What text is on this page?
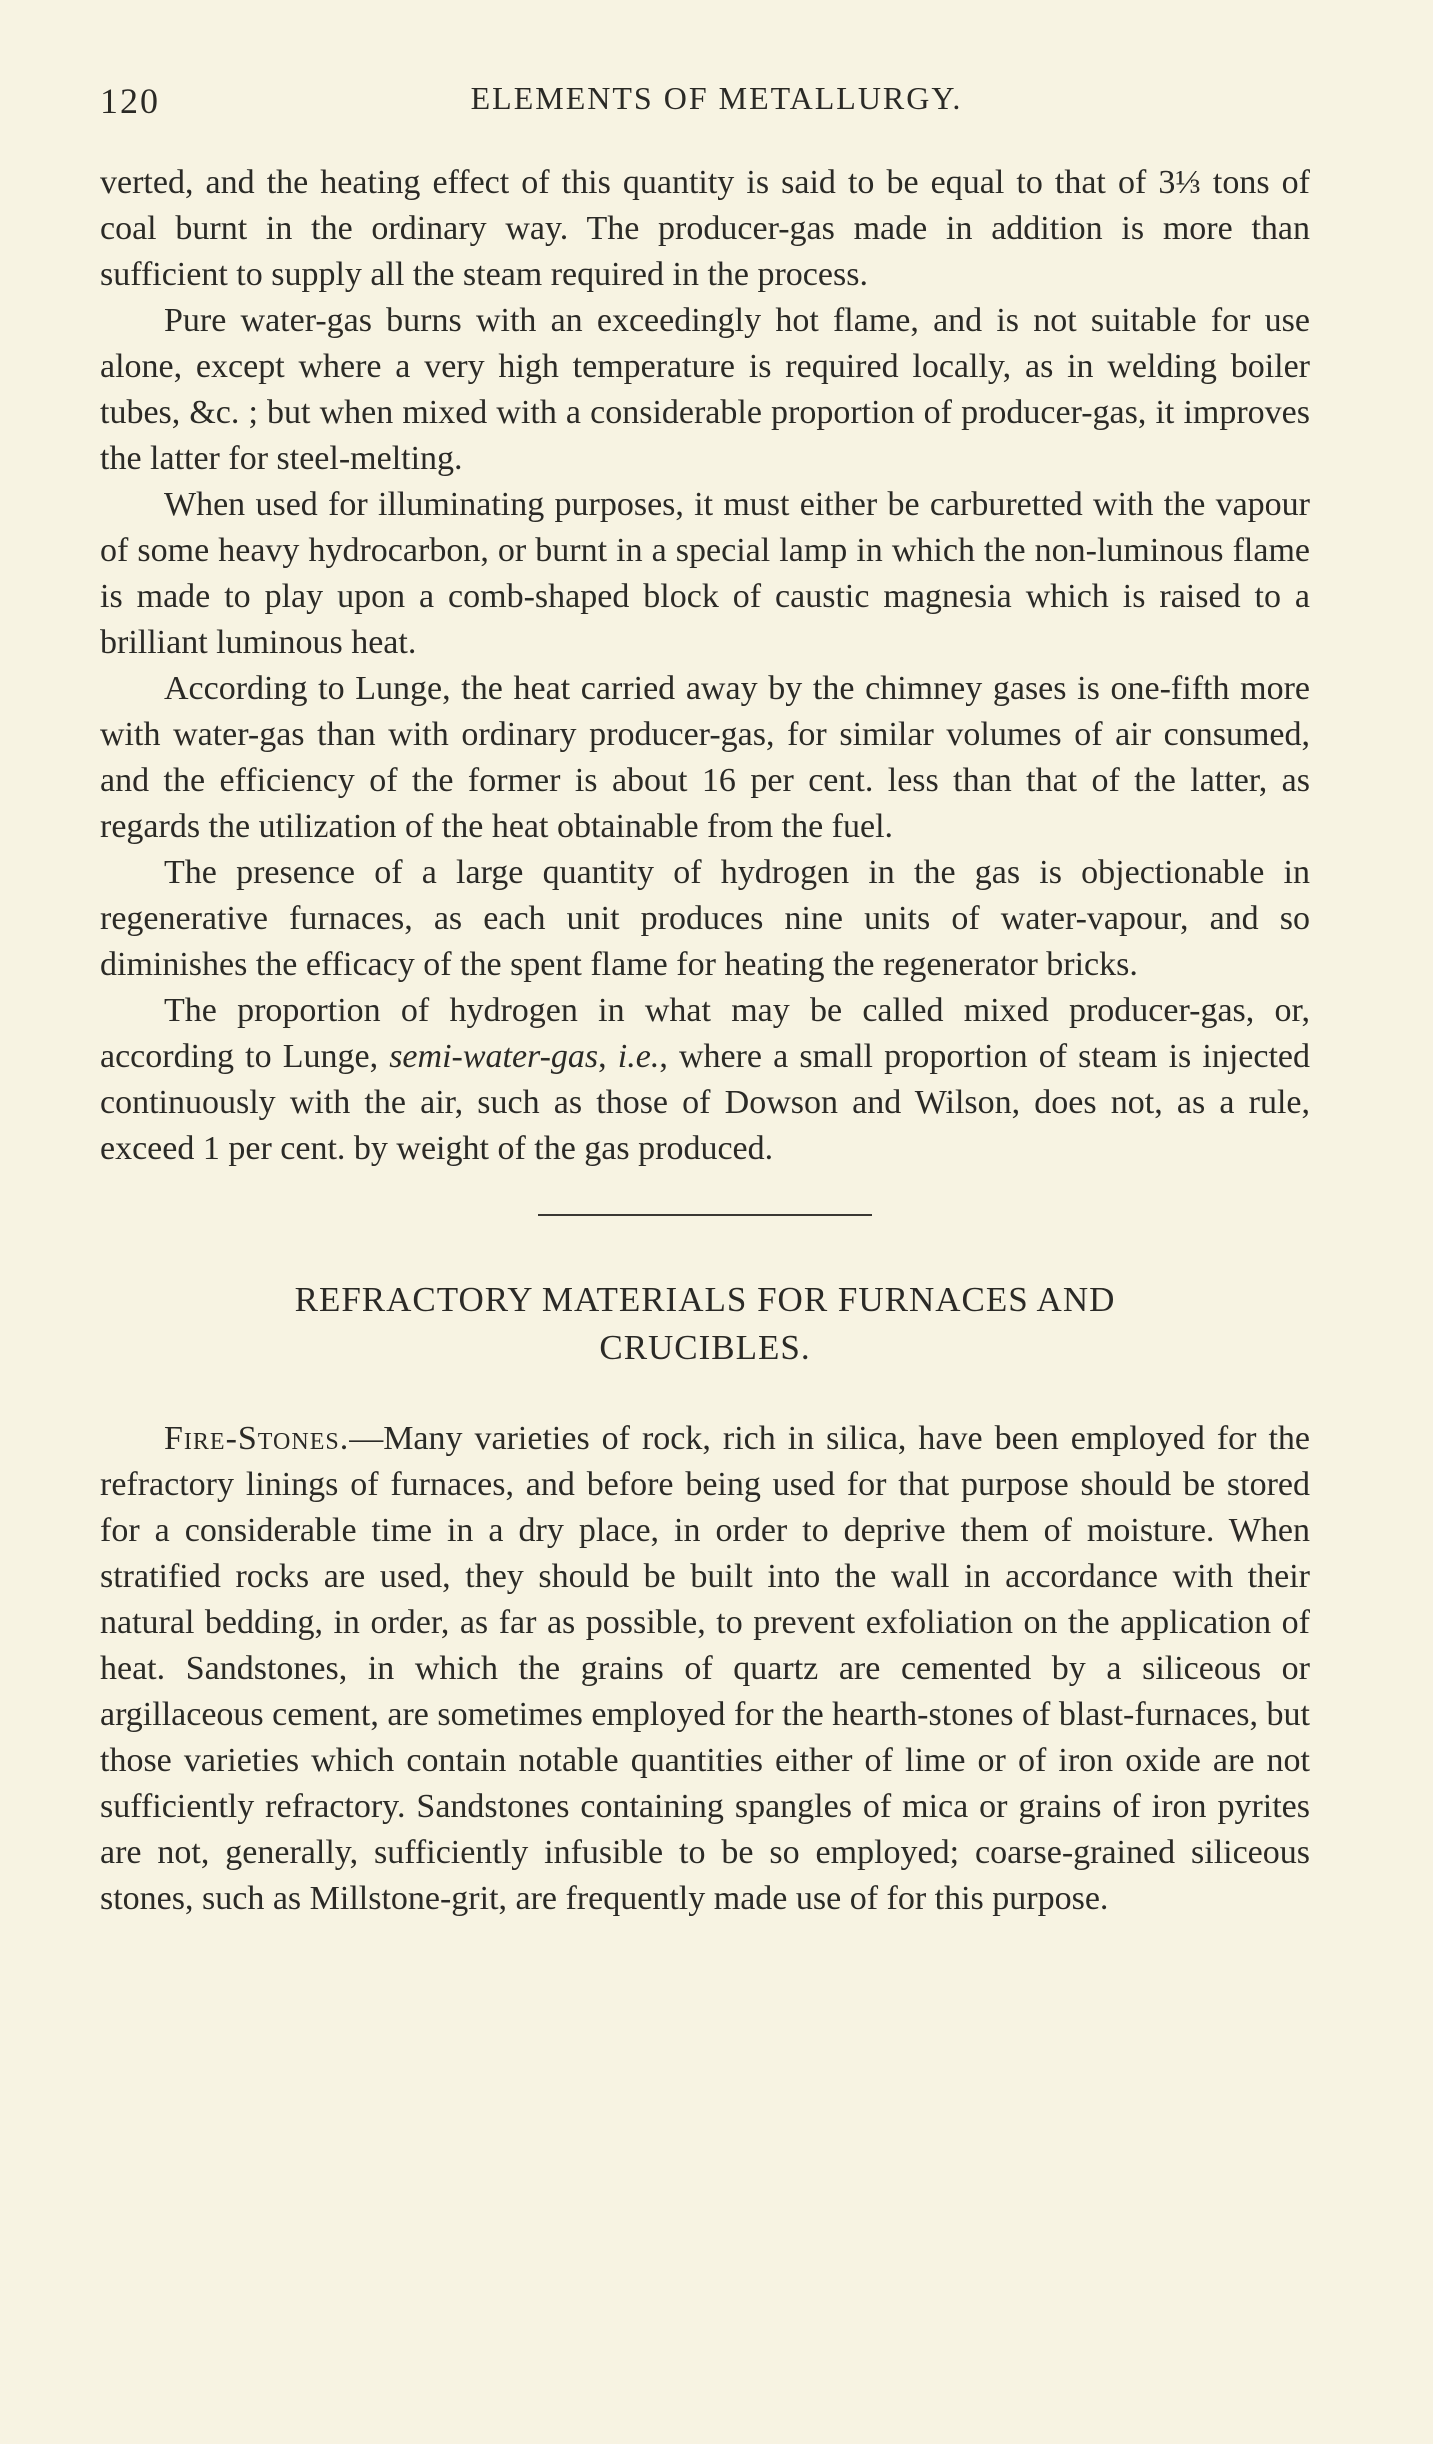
120	ELEMENTS OF METALLURGY.

verted, and the heating effect of this quantity is said to be equal to that of 3⅓ tons of coal burnt in the ordinary way. The producer-gas made in addition is more than sufficient to supply all the steam required in the process.

Pure water-gas burns with an exceedingly hot flame, and is not suitable for use alone, except where a very high temperature is required locally, as in welding boiler tubes, &c. ; but when mixed with a considerable proportion of producer-gas, it improves the latter for steel-melting.

When used for illuminating purposes, it must either be carburetted with the vapour of some heavy hydrocarbon, or burnt in a special lamp in which the non-luminous flame is made to play upon a comb-shaped block of caustic magnesia which is raised to a brilliant luminous heat.

According to Lunge, the heat carried away by the chimney gases is one-fifth more with water-gas than with ordinary producer-gas, for similar volumes of air consumed, and the efficiency of the former is about 16 per cent. less than that of the latter, as regards the utilization of the heat obtainable from the fuel.

The presence of a large quantity of hydrogen in the gas is objectionable in regenerative furnaces, as each unit produces nine units of water-vapour, and so diminishes the efficacy of the spent flame for heating the regenerator bricks.

The proportion of hydrogen in what may be called mixed producer-gas, or, according to Lunge, semi-water-gas, i.e., where a small proportion of steam is injected continuously with the air, such as those of Dowson and Wilson, does not, as a rule, exceed 1 per cent. by weight of the gas produced.

REFRACTORY MATERIALS FOR FURNACES AND
CRUCIBLES.

Fire-Stones.—Many varieties of rock, rich in silica, have been employed for the refractory linings of furnaces, and before being used for that purpose should be stored for a considerable time in a dry place, in order to deprive them of moisture. When stratified rocks are used, they should be built into the wall in accordance with their natural bedding, in order, as far as possible, to prevent exfoliation on the application of heat. Sandstones, in which the grains of quartz are cemented by a siliceous or argillaceous cement, are sometimes employed for the hearth-stones of blast-furnaces, but those varieties which contain notable quantities either of lime or of iron oxide are not sufficiently refractory. Sandstones containing spangles of mica or grains of iron pyrites are not, generally, sufficiently infusible to be so employed; coarse-grained siliceous stones, such as Millstone-grit, are frequently made use of for this purpose.
